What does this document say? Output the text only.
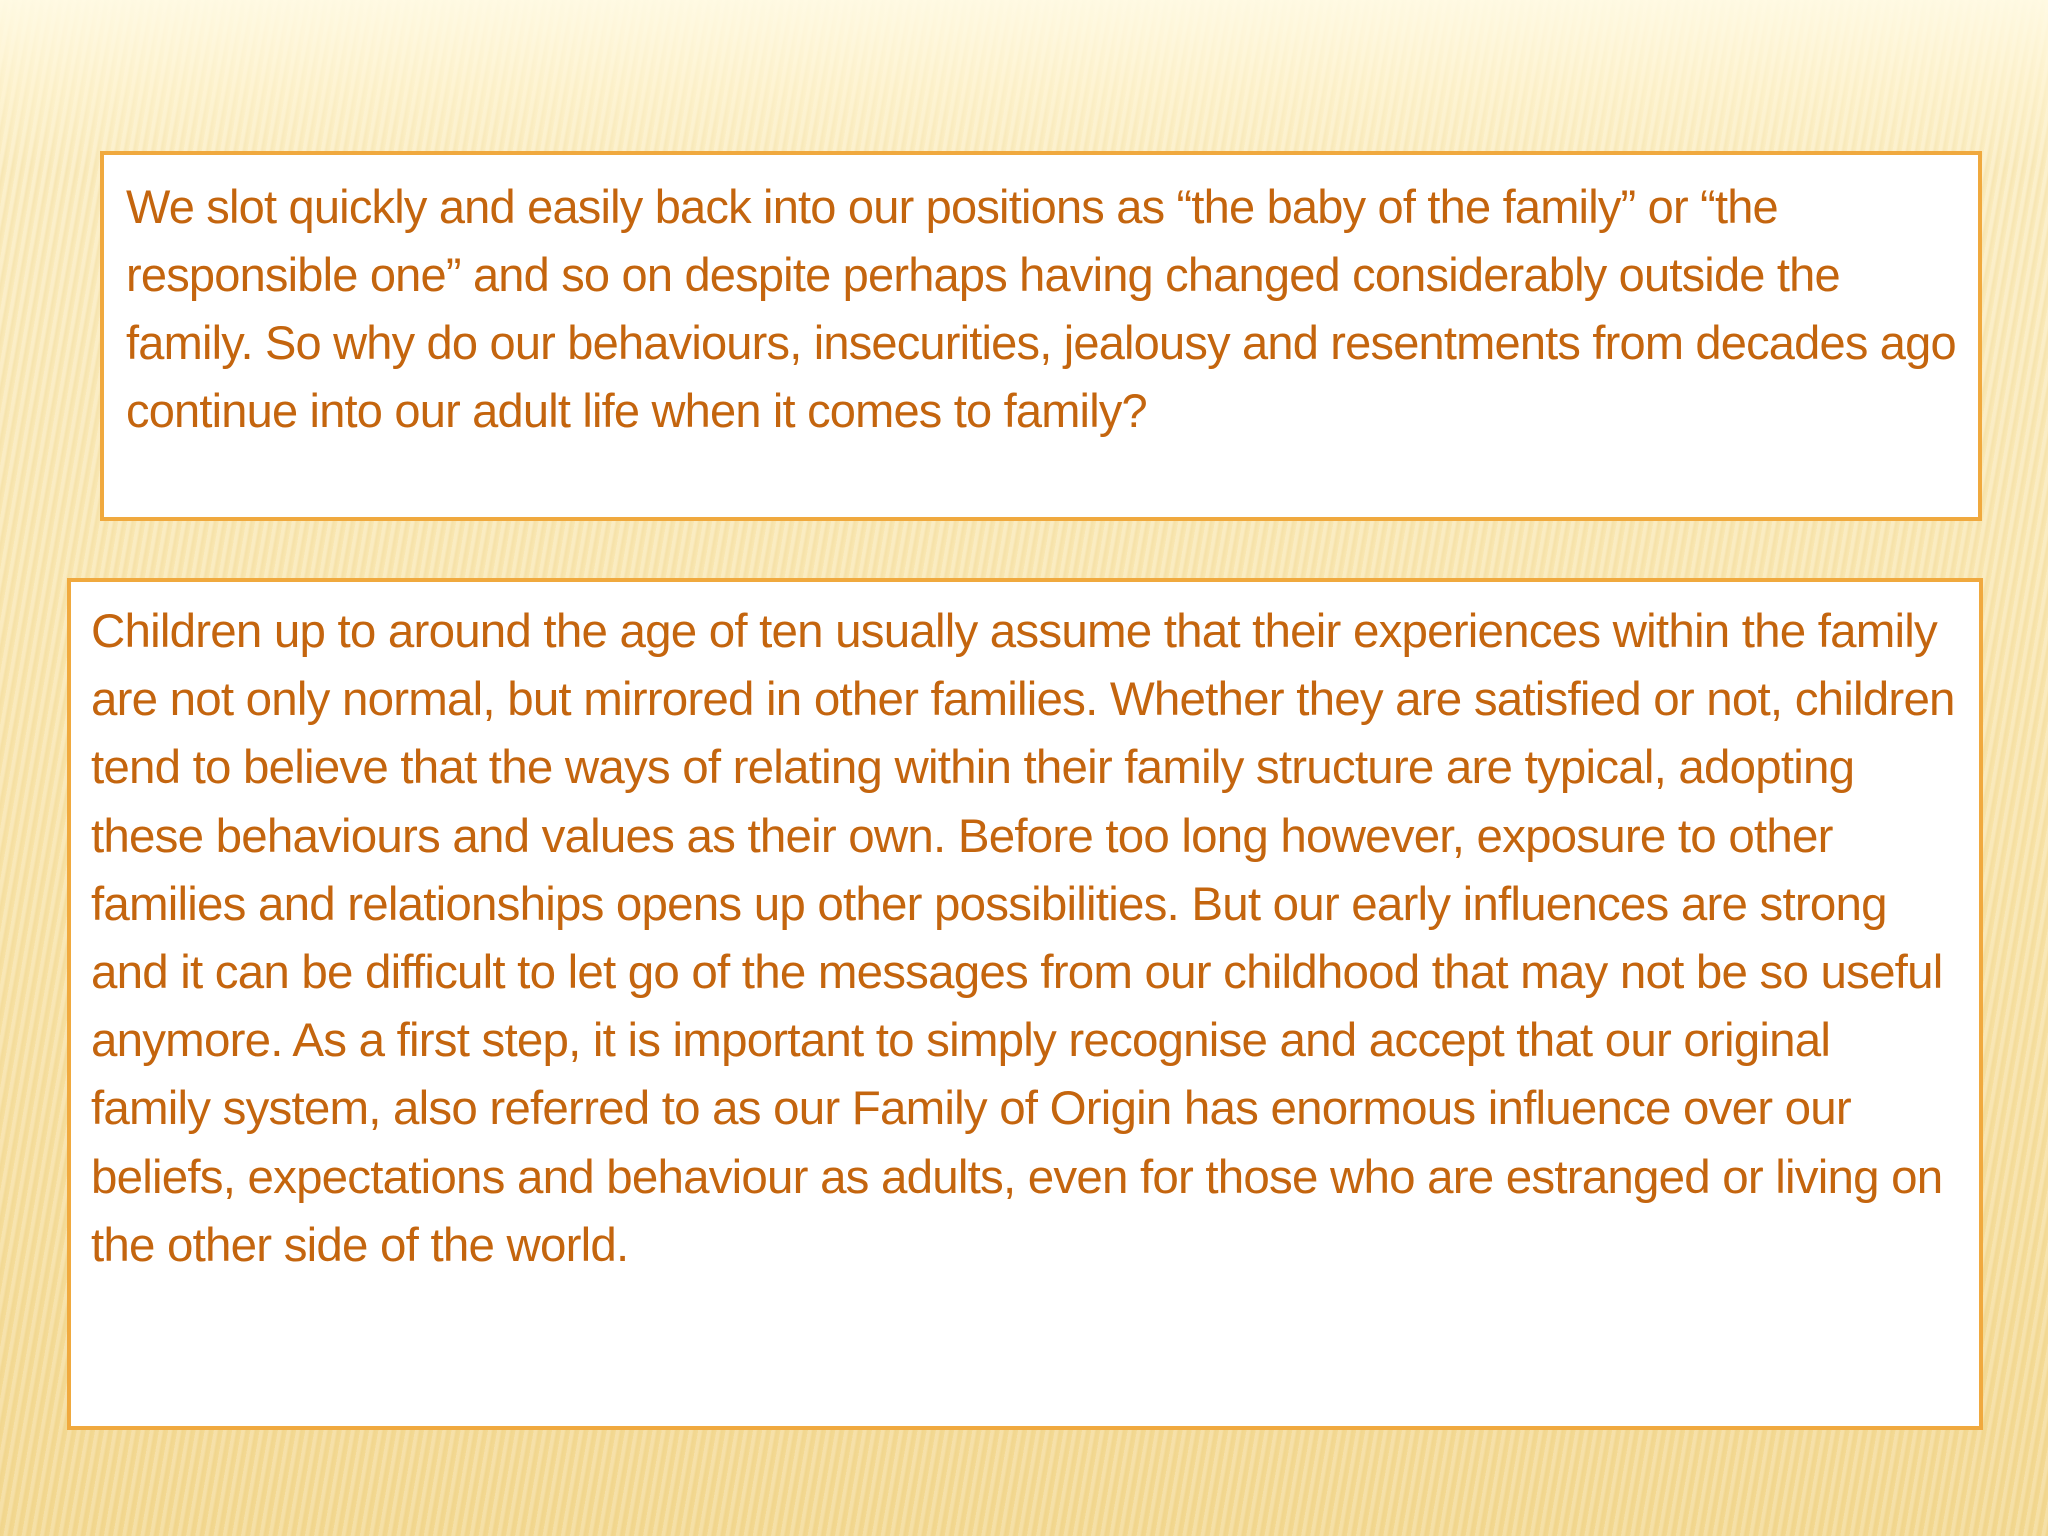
We slot quickly and easily back into our positions as “the baby of the family” or “the responsible one” and so on despite perhaps having changed considerably outside the family. So why do our behaviours, insecurities, jealousy and resentments from decades ago continue into our adult life when it comes to family?

Children up to around the age of ten usually assume that their experiences within the family are not only normal, but mirrored in other families. Whether they are satisfied or not, children tend to believe that the ways of relating within their family structure are typical, adopting these behaviours and values as their own. Before too long however, exposure to other families and relationships opens up other possibilities. But our early influences are strong and it can be difficult to let go of the messages from our childhood that may not be so useful anymore. As a first step, it is important to simply recognise and accept that our original family system, also referred to as our Family of Origin has enormous influence over our beliefs, expectations and behaviour as adults, even for those who are estranged or living on the other side of the world.
